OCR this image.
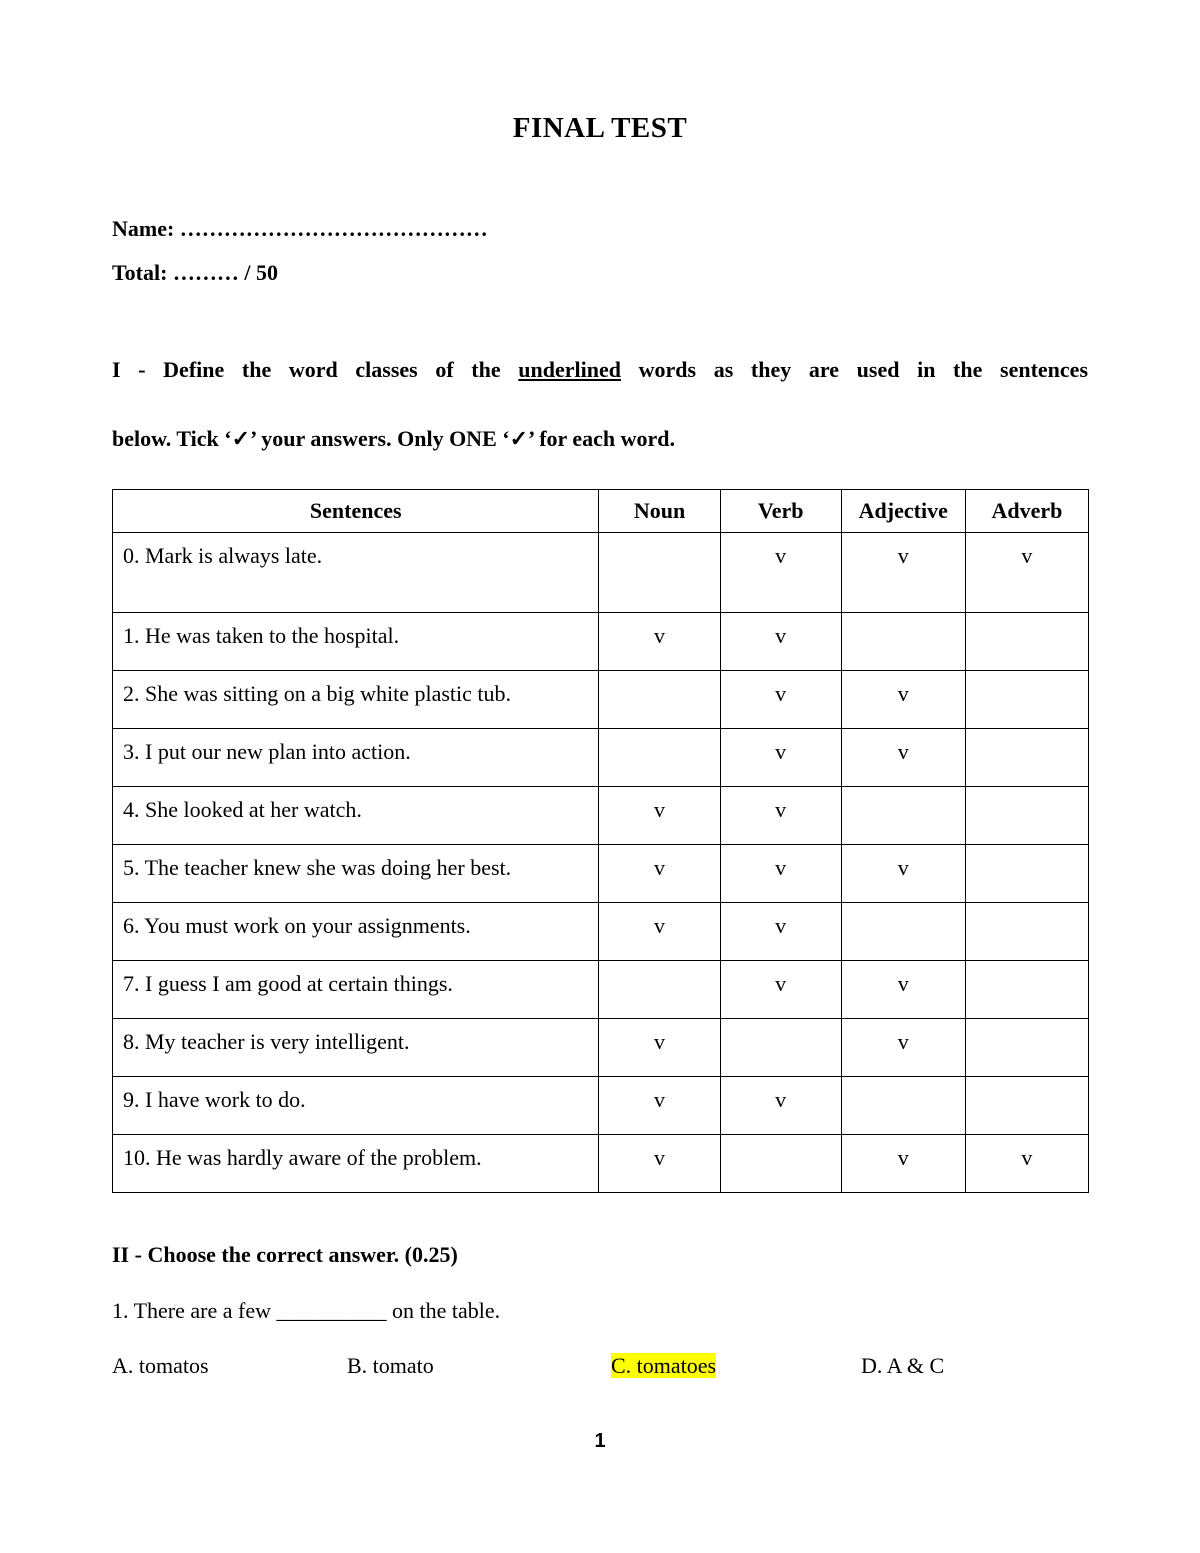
FINAL TEST
Name: ……………………………………
Total: ……… / 50
I - Define the word classes of the underlined words as they are used in the sentences
below. Tick ‘✓’ your answers. Only ONE ‘✓’ for each word.
Sentences	Noun	Verb	Adjective	Adverb
0. Mark is always late.		v	v	v
1. He was taken to the hospital.	v	v		
2. She was sitting on a big white plastic tub.		v	v	
3. I put our new plan into action.		v	v	
4. She looked at her watch.	v	v		
5. The teacher knew she was doing her best.	v	v	v	
6. You must work on your assignments.	v	v		
7. I guess I am good at certain things.		v	v	
8. My teacher is very intelligent.	v		v	
9. I have work to do.	v	v		
10. He was hardly aware of the problem.	v		v	v
II - Choose the correct answer. (0.25)
1. There are a few __________ on the table.
A. tomatos	B. tomato	C. tomatoes	D. A & C
1
